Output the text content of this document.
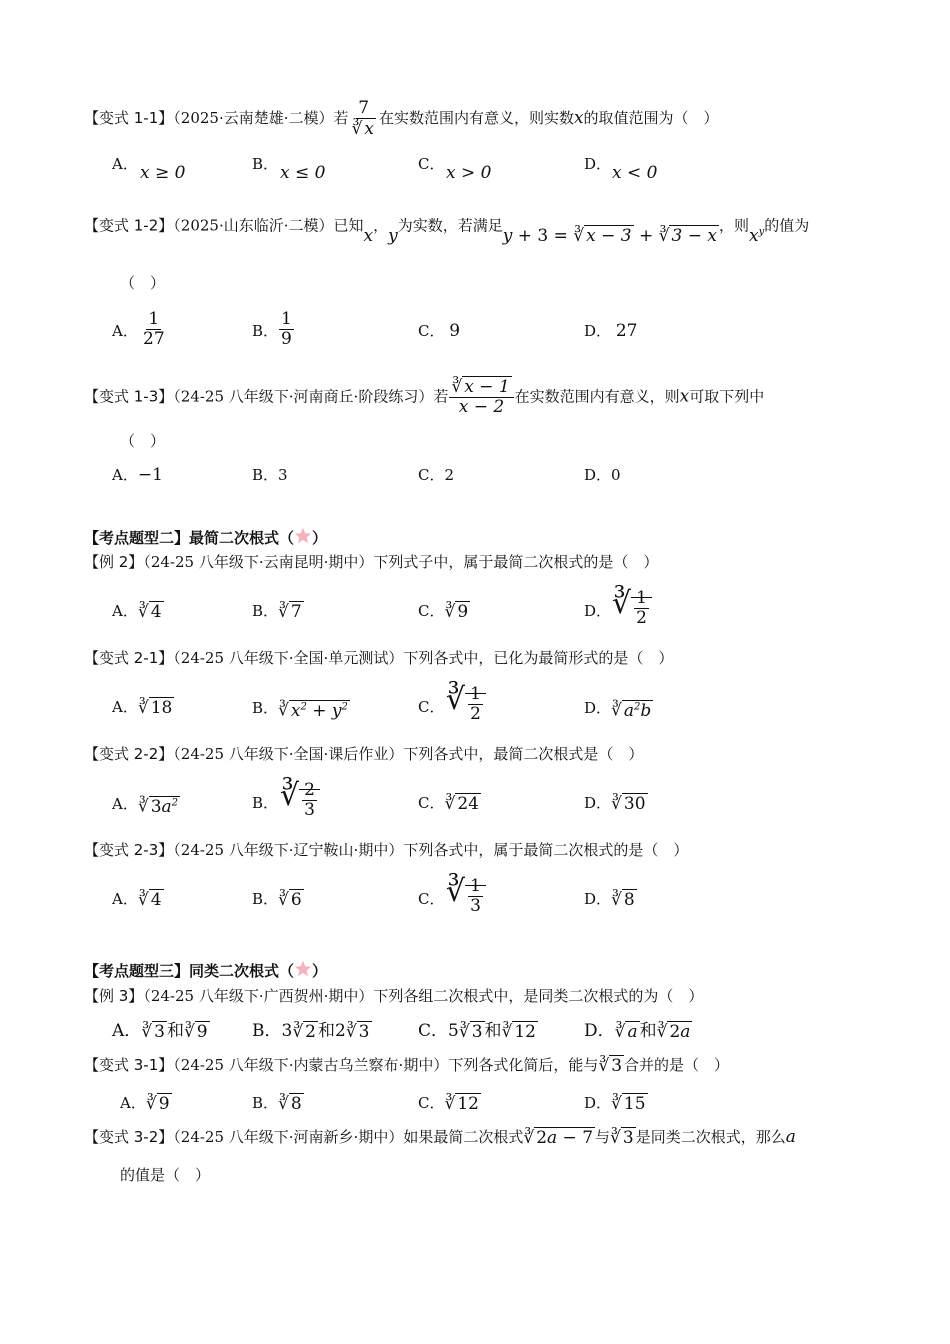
【变式 1-1】（2025·云南楚雄·二模）若 $\frac{7}{∛ x}$ 在实数范围内有意义，则实数x的取值范围为（　）
A． x ≥ 0	B． x ≤ 0	C． x > 0	D． x < 0
【变式 1-2】（2025·山东临沂·二模）已知x，y为实数，若满足y + 3 = ∛ x − 3 + ∛ 3 − x，则$x^y$的值为
（　）
A． $\frac{1}{27}$	B． $\frac{1}{9}$	C． 9	D． 27
【变式 1-3】（24-25 八年级下·河南商丘·阶段练习）若 $\frac{∛ x - 1}{x - 2}$ 在实数范围内有意义，则x可取下列中
（　）
A．−1	B．3	C．2	D．0
【考点题型二】最简二次根式（ ）
【例 2】（24-25 八年级下·云南昆明·期中）下列式子中，属于最简二次根式的是（　）
A．∛ 4	B．∛ 7	C．∛ 9	D． ∛ $\frac{1}{2}$
【变式 2-1】（24-25 八年级下·全国·单元测试）下列各式中，已化为最简形式的是（　）
A．∛ 18	B．∛ $x^2 + y^2$	C． ∛ $\frac{1}{2}$	D．∛ $a^2b$
【变式 2-2】（24-25 八年级下·全国·课后作业）下列各式中，最简二次根式是（　）
A．∛ $3a^2$	B． ∛ $\frac{2}{3}$	C．∛ 24	D．∛ 30
【变式 2-3】（24-25 八年级下·辽宁鞍山·期中）下列各式中，属于最简二次根式的是（　）
A．∛ 4	B．∛ 6	C． ∛ $\frac{1}{3}$	D．∛ 8
【考点题型三】同类二次根式（ ）
【例 3】（24-25 八年级下·广西贺州·期中）下列各组二次根式中，是同类二次根式的为（　）
A．∛ 3 和∛ 9	B．3∛ 2 和2∛ 3	C．5∛ 3 和∛ 12	D．∛ a 和∛ 2a
【变式 3-1】（24-25 八年级下·内蒙古乌兰察布·期中）下列各式化简后，能与∛ 3 合并的是（　）
A．∛ 9	B．∛ 8	C．∛ 12	D．∛ 15
【变式 3-2】（24-25 八年级下·河南新乡·期中）如果最简二次根式∛ 2a − 7 与∛ 3 是同类二次根式，那么a
的值是（　）
